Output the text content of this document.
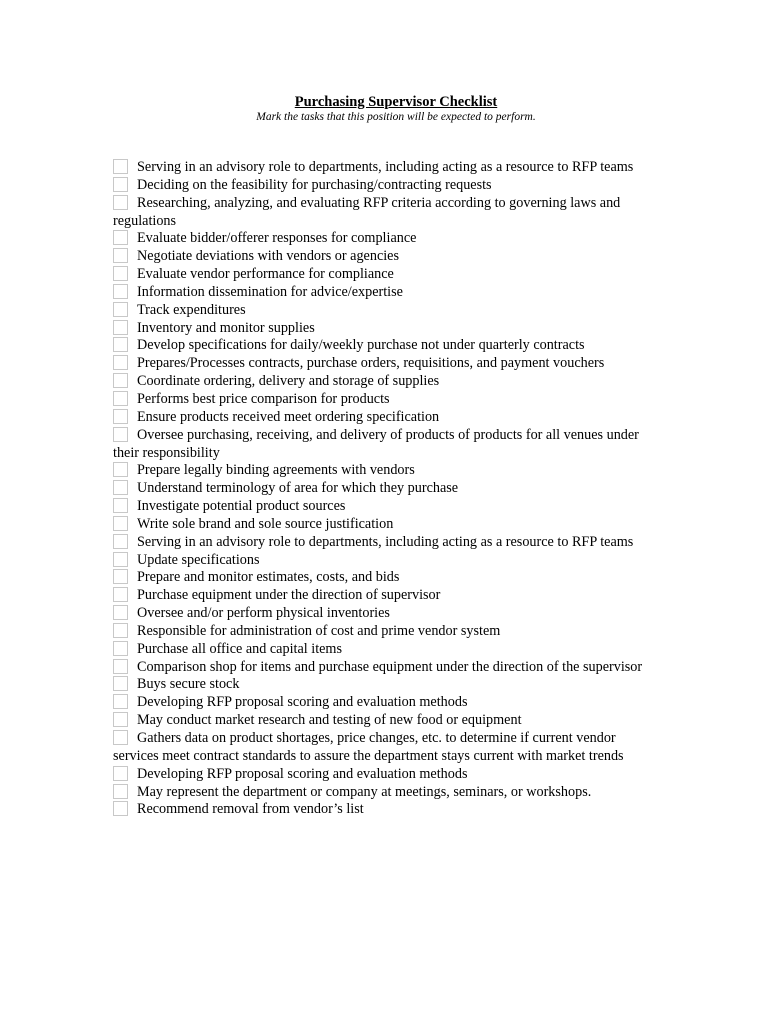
Purchasing Supervisor Checklist
Mark the tasks that this position will be expected to perform.
Serving in an advisory role to departments, including acting as a resource to RFP teams
Deciding on the feasibility for purchasing/contracting requests
Researching, analyzing, and evaluating RFP criteria according to governing laws and regulations
Evaluate bidder/offerer responses for compliance
Negotiate deviations with vendors or agencies
Evaluate vendor performance for compliance
Information dissemination for advice/expertise
Track expenditures
Inventory and monitor supplies
Develop specifications for daily/weekly purchase not under quarterly contracts
Prepares/Processes contracts, purchase orders, requisitions, and payment vouchers
Coordinate ordering, delivery and storage of supplies
Performs best price comparison for products
Ensure products received meet ordering specification
Oversee purchasing, receiving, and delivery of products of products for all venues under their responsibility
Prepare legally binding agreements with vendors
Understand terminology of area for which they purchase
Investigate potential product sources
Write sole brand and sole source justification
Serving in an advisory role to departments, including acting as a resource to RFP teams
Update specifications
Prepare and monitor estimates, costs, and bids
Purchase equipment under the direction of supervisor
Oversee and/or perform physical inventories
Responsible for administration of cost and prime vendor system
Purchase all office and capital items
Comparison shop for items and purchase equipment under the direction of the supervisor
Buys secure stock
Developing RFP proposal scoring and evaluation methods
May conduct market research and testing of new food or equipment
Gathers data on product shortages, price changes, etc. to determine if current vendor services meet contract standards to assure the department stays current with market trends
Developing RFP proposal scoring and evaluation methods
May represent the department or company at meetings, seminars, or workshops.
Recommend removal from vendor’s list
